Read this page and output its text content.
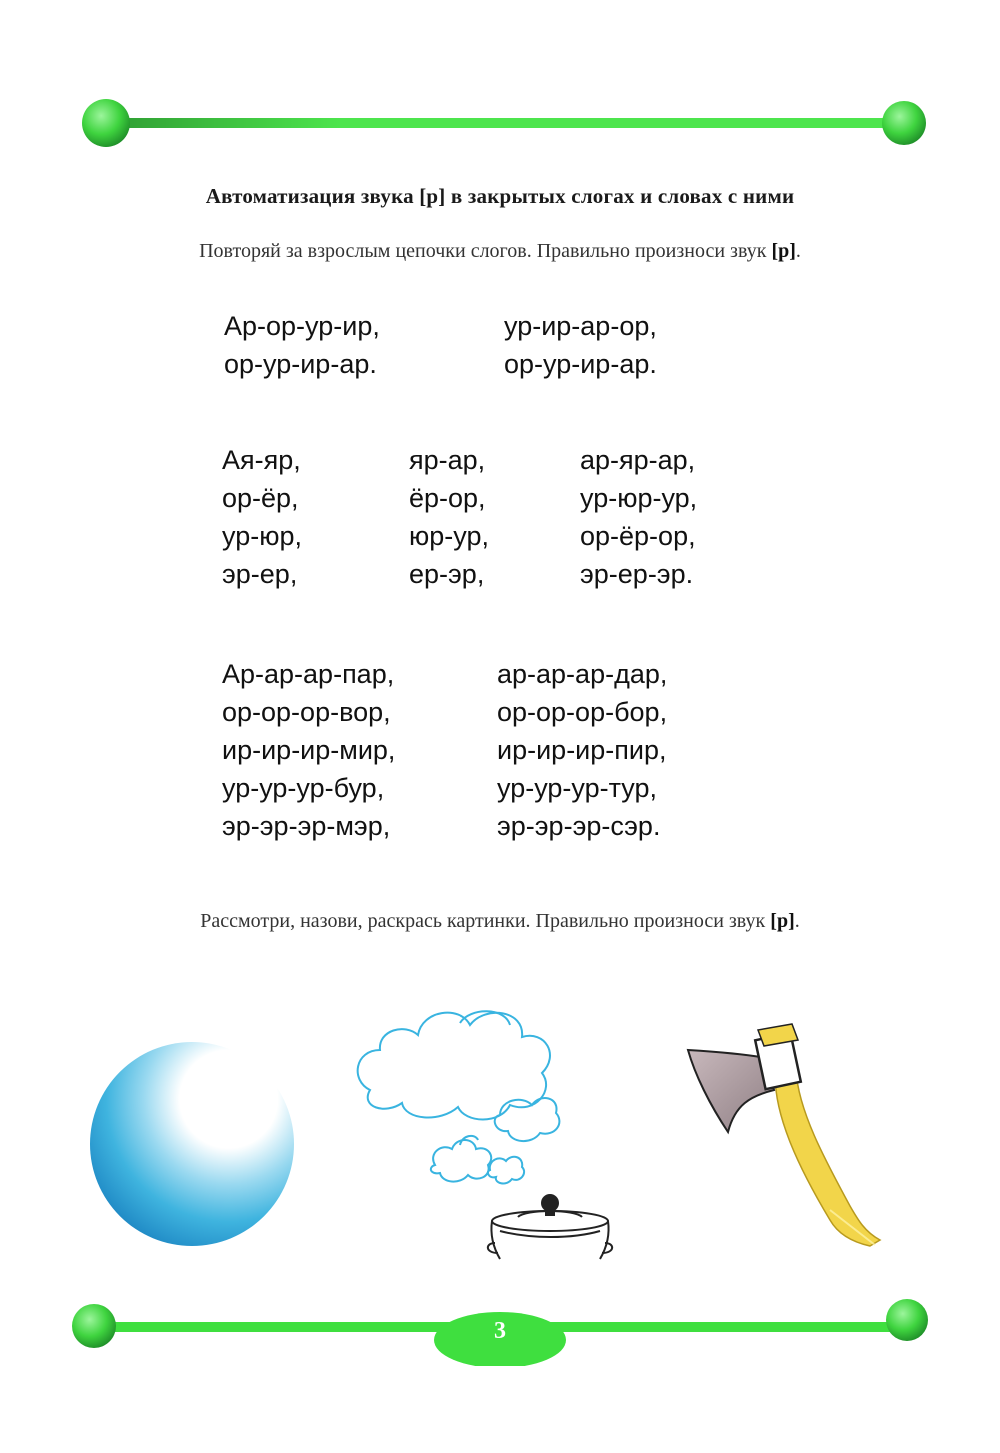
Автоматизация звука [р] в закрытых слогах и словах с ними
Повторяй за взрослым цепочки слогов. Правильно произноси звук [р].
Ар-ор-ур-ир,
ор-ур-ир-ар.
ур-ир-ар-ор,
ор-ур-ир-ар.
Ая-яр,
ор-ёр,
ур-юр,
эр-ер,
яр-ар,
ёр-ор,
юр-ур,
ер-эр,
ар-яр-ар,
ур-юр-ур,
ор-ёр-ор,
эр-ер-эр.
Ар-ар-ар-пар,
ор-ор-ор-вор,
ир-ир-ир-мир,
ур-ур-ур-бур,
эр-эр-эр-мэр,
ар-ар-ар-дар,
ор-ор-ор-бор,
ир-ир-ир-пир,
ур-ур-ур-тур,
эр-эр-эр-сэр.
Рассмотри, назови, раскрась картинки. Правильно произноси звук [р].
3
